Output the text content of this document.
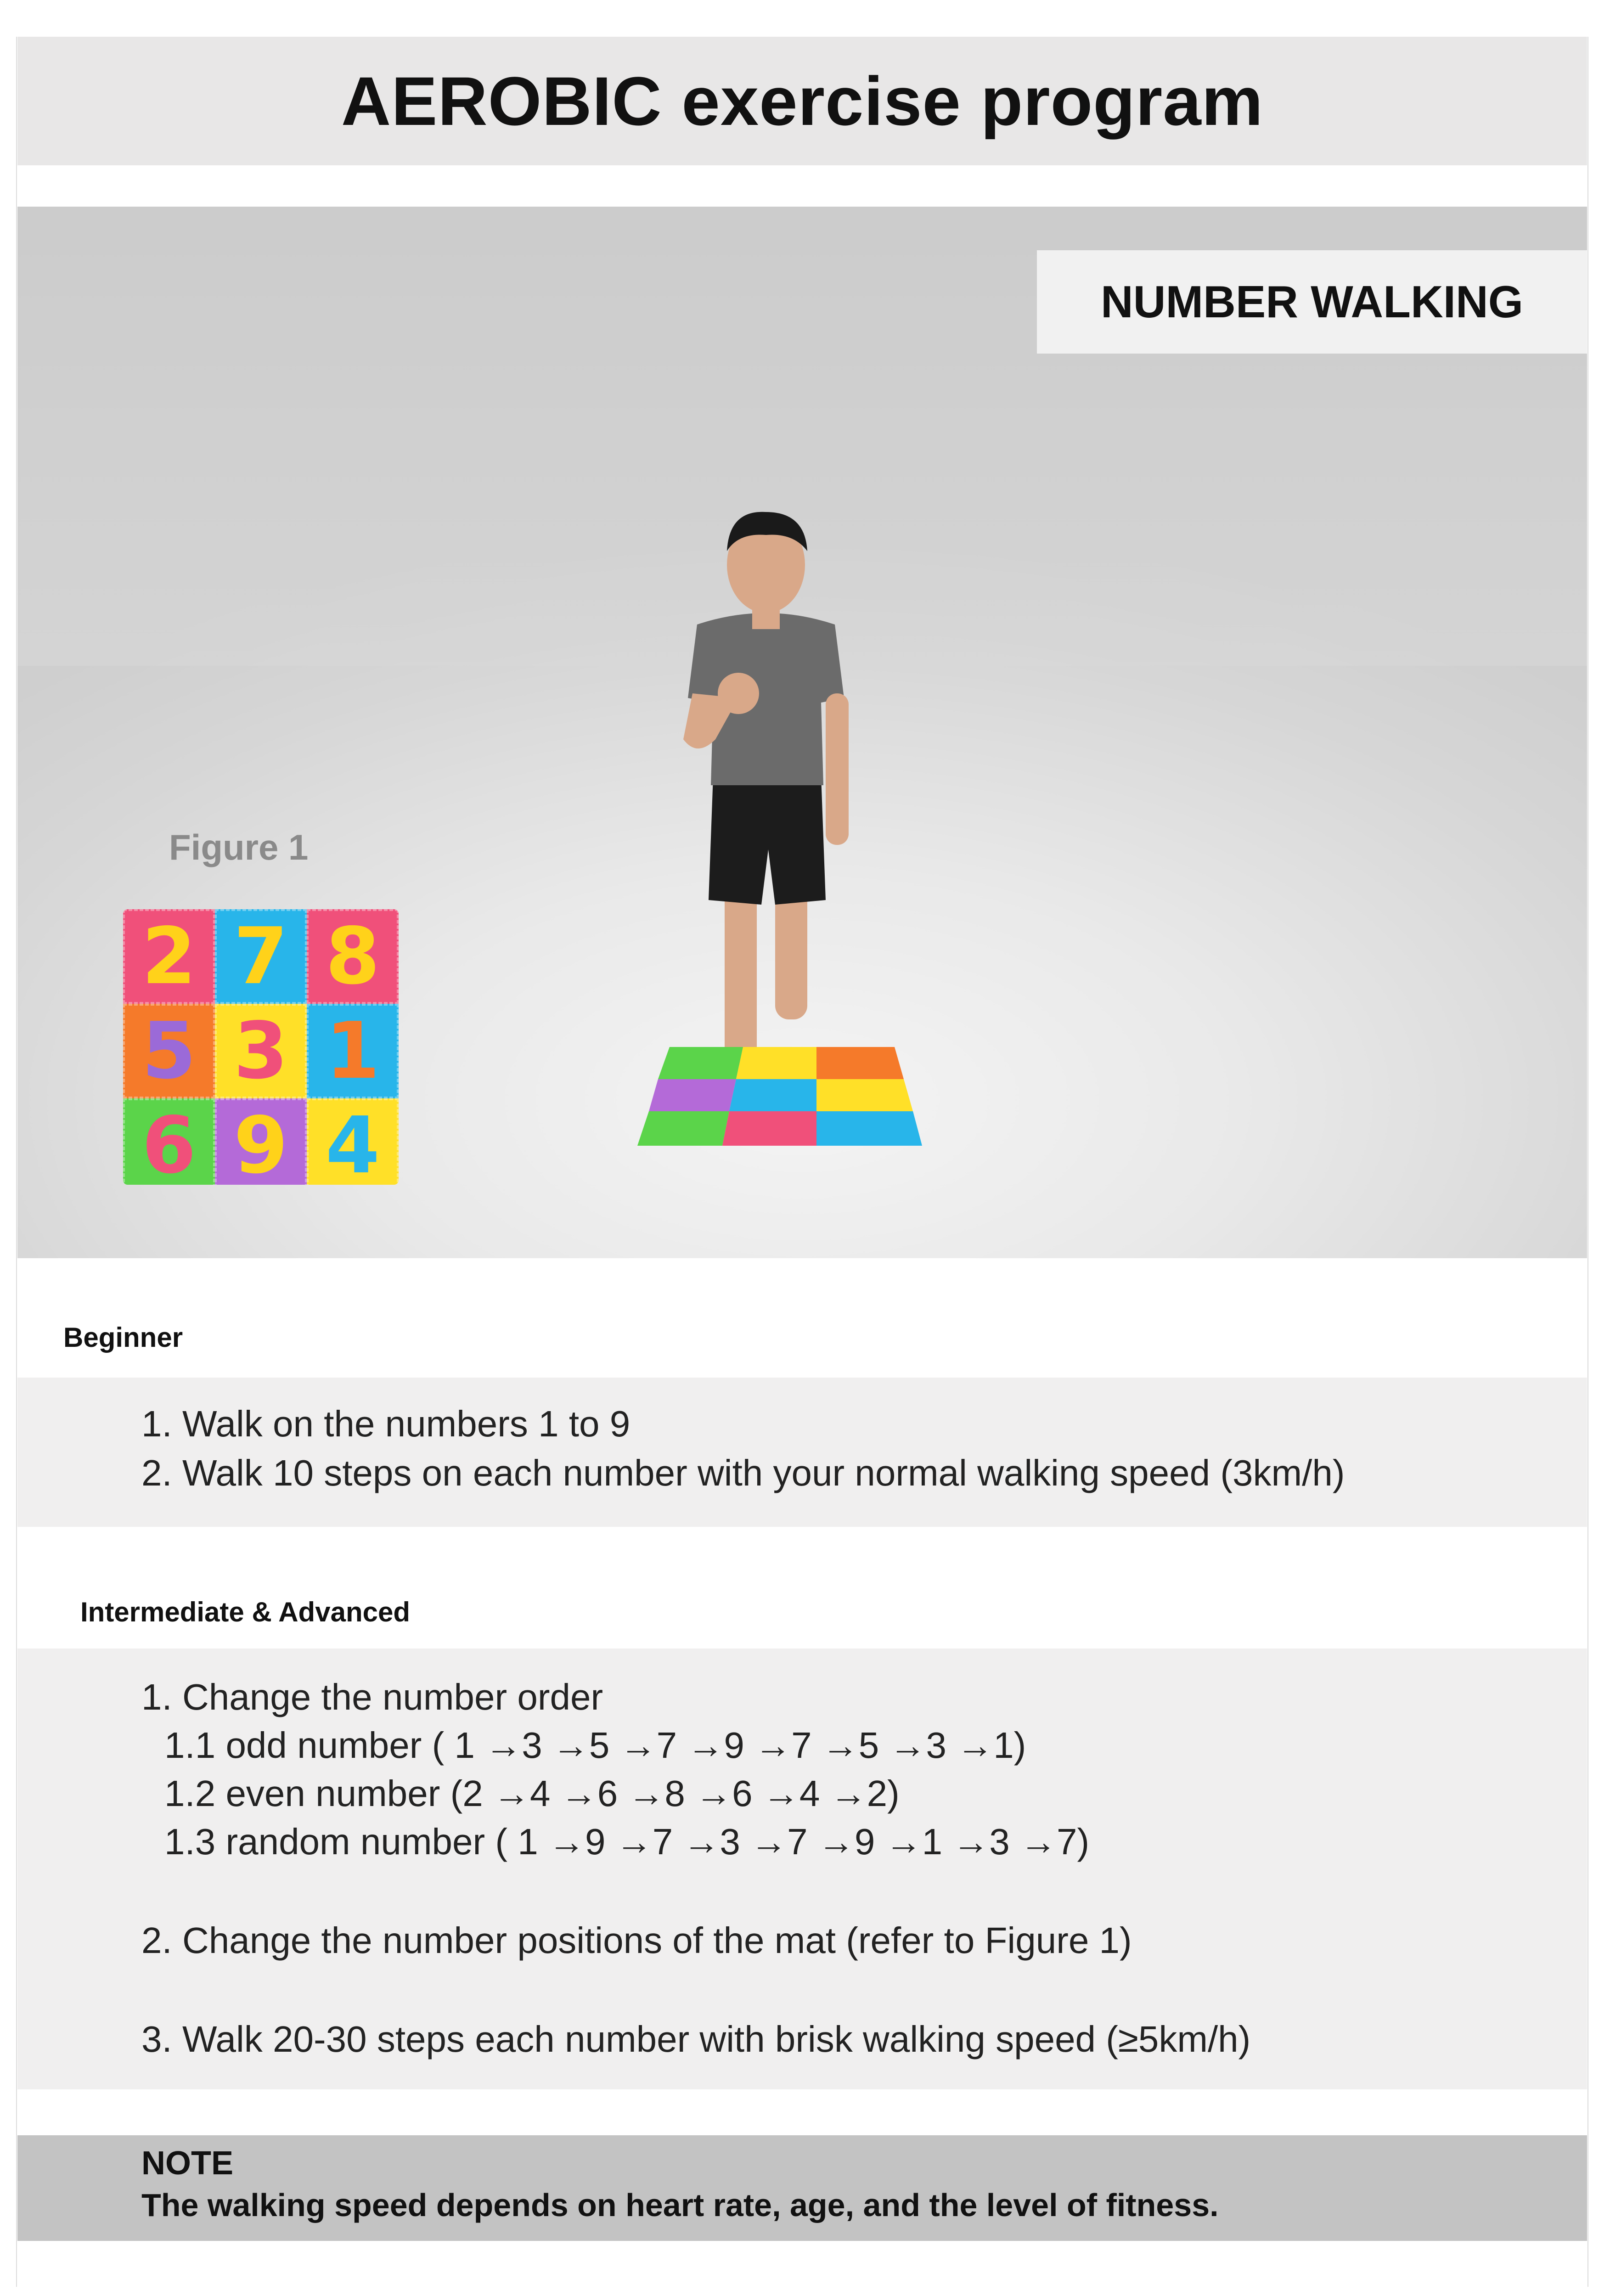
AEROBIC exercise program
NUMBER WALKING
Figure 1
2 7 8
5 3 1
6 9 4
Beginner
1. Walk on the numbers 1 to 9
2. Walk 10 steps on each number with your normal walking speed (3km/h)
Intermediate & Advanced
1. Change the number order
1.1 odd number ( 1 →3 →5 →7 →9 →7 →5 →3 →1)
1.2 even number (2 →4 →6 →8 →6 →4 →2)
1.3 random number ( 1 →9 →7 →3 →7 →9 →1 →3 →7)
2. Change the number positions of the mat (refer to Figure 1)
3. Walk 20-30 steps each number with brisk walking speed (≥5km/h)
NOTE
The walking speed depends on heart rate, age, and the level of fitness.
